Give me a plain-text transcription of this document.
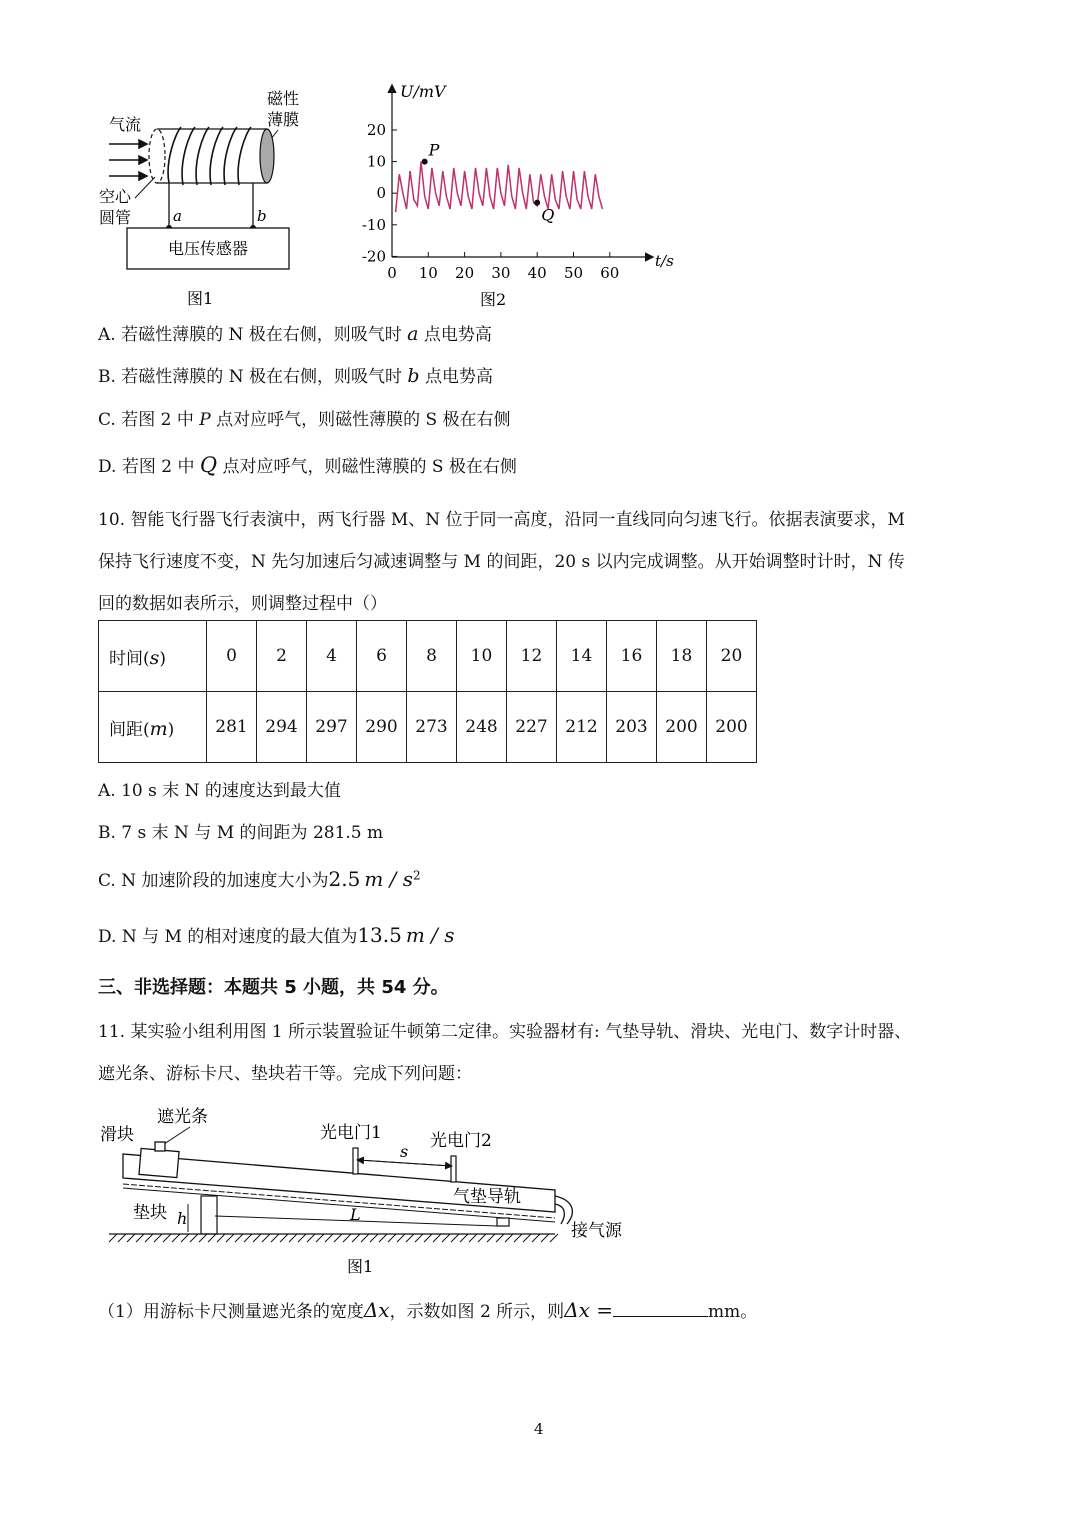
气流
磁性
薄膜
空心
圆管	a	b
电压传感器
图1
U/mV
t/s
20
10
0
-10
-20
0 10 20 30 40 50 60
P
Q
图2
A. 若磁性薄膜的 N 极在右侧，则吸气时 a 点电势高
B. 若磁性薄膜的 N 极在右侧，则吸气时 b 点电势高
C. 若图 2 中 P 点对应呼气，则磁性薄膜的 S 极在右侧
D. 若图 2 中 Q 点对应呼气，则磁性薄膜的 S 极在右侧
10. 智能飞行器飞行表演中，两飞行器 M、N 位于同一高度，沿同一直线同向匀速飞行。依据表演要求，M
保持飞行速度不变，N 先匀加速后匀减速调整与 M 的间距，20 s 以内完成调整。从开始调整时计时，N 传
回的数据如表所示，则调整过程中（）
时间(s)	0	2	4	6	8	10	12	14	16	18	20
间距(m)	281	294	297	290	273	248	227	212	203	200	200
A. 10 s 末 N 的速度达到最大值
B. 7 s 末 N 与 M 的间距为 281.5 m
C. N 加速阶段的加速度大小为2.5 m / $s^2$
D. N 与 M 的相对速度的最大值为13.5 m / s
三、非选择题：本题共 5 小题，共 54 分。
11. 某实验小组利用图 1 所示装置验证牛顿第二定律。实验器材有: 气垫导轨、滑块、光电门、数字计时器、
遮光条、游标卡尺、垫块若干等。完成下列问题：
滑块
遮光条
光电门1	光电门2
s
气垫导轨
垫块 h	L
接气源
图1
（1）用游标卡尺测量遮光条的宽度Δx，示数如图 2 所示，则Δx =	mm。
4
